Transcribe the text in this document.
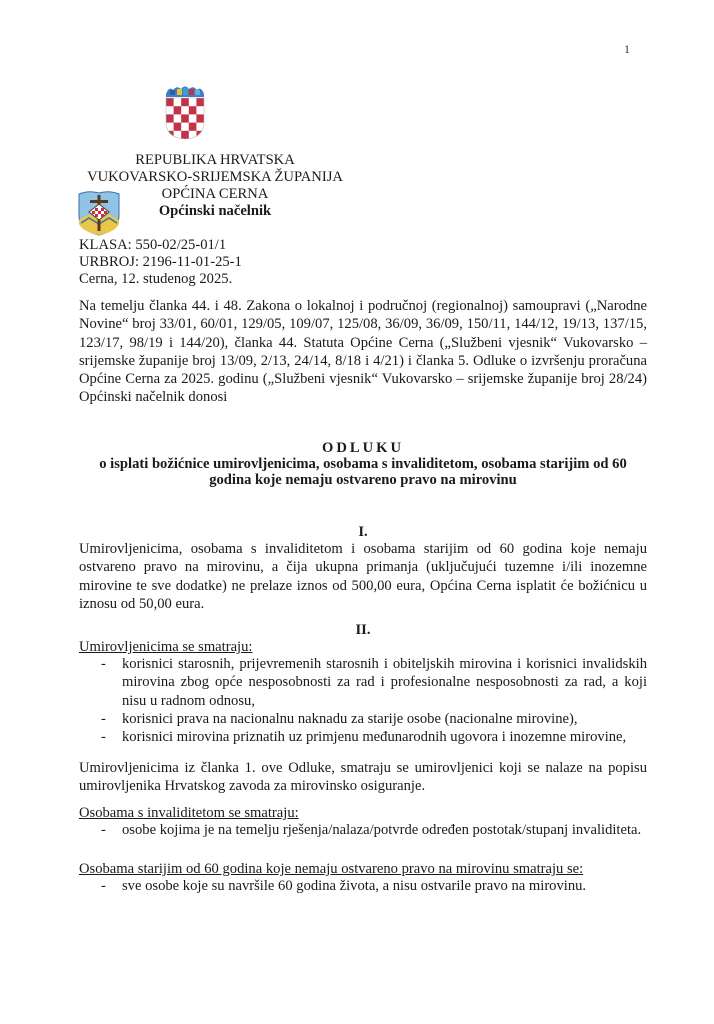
1
REPUBLIKA HRVATSKA
VUKOVARSKO-SRIJEMSKA ŽUPANIJA
OPĆINA CERNA
Općinski načelnik
KLASA: 550-02/25-01/1
URBROJ: 2196-11-01-25-1
Cerna, 12. studenog 2025.
Na temelju članka 44. i 48. Zakona o lokalnoj i područnoj (regionalnoj) samoupravi („Narodne Novine“ broj 33/01, 60/01, 129/05, 109/07, 125/08, 36/09, 36/09, 150/11, 144/12, 19/13, 137/15, 123/17, 98/19 i 144/20), članka 44. Statuta Općine Cerna („Službeni vjesnik“ Vukovarsko – srijemske županije broj 13/09, 2/13, 24/14, 8/18 i 4/21) i članka 5. Odluke o izvršenju proračuna Općine Cerna za 2025. godinu („Službeni vjesnik“ Vukovarsko – srijemske županije broj 28/24) Općinski načelnik donosi
ODLUKU
o isplati božićnice umirovljenicima, osobama s invaliditetom, osobama starijim od 60
godina koje nemaju ostvareno pravo na mirovinu
I.
Umirovljenicima, osobama s invaliditetom i osobama starijim od 60 godina koje nemaju ostvareno pravo na mirovinu, a čija ukupna primanja (uključujući tuzemne i/ili inozemne mirovine te sve dodatke) ne prelaze iznos od 500,00 eura, Općina Cerna isplatit će božićnicu u iznosu od 50,00 eura.
II.
Umirovljenicima se smatraju:
- korisnici starosnih, prijevremenih starosnih i obiteljskih mirovina i korisnici invalidskih mirovina zbog opće nesposobnosti za rad i profesionalne nesposobnosti za rad, a koji nisu u radnom odnosu,
- korisnici prava na nacionalnu naknadu za starije osobe (nacionalne mirovine),
- korisnici mirovina priznatih uz primjenu međunarodnih ugovora i inozemne mirovine,
Umirovljenicima iz članka 1. ove Odluke, smatraju se umirovljenici koji se nalaze na popisu umirovljenika Hrvatskog zavoda za mirovinsko osiguranje.
Osobama s invaliditetom se smatraju:
- osobe kojima je na temelju rješenja/nalaza/potvrde određen postotak/stupanj invaliditeta.
Osobama starijim od 60 godina koje nemaju ostvareno pravo na mirovinu smatraju se:
- sve osobe koje su navršile 60 godina života, a nisu ostvarile pravo na mirovinu.
